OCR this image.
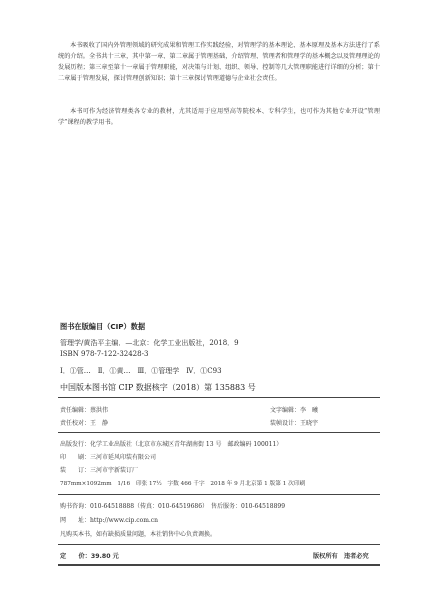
本书吸收了国内外管理领域的研究成果和管理工作实践经验，对管理学的基本理论、基本原理及基本方法进行了系统的介绍。全书共十三章，其中第一章、第二章属于管理基础，介绍管理、管理者和管理学的基本概念以及管理理论的发展历程；第三章至第十一章属于管理职能，对决策与计划、组织、领导、控制等几大管理职能进行详细的分析；第十二章属于管理发展，探讨管理创新知识；第十三章探讨管理道德与企业社会责任。
本书可作为经济管理类各专业的教材，尤其适用于应用型高等院校本、专科学生，也可作为其他专业开设“管理学”课程的教学用书。
图书在版编目（CIP）数据
管理学/黄浩平主编．—北京：化学工业出版社，2018．9
ISBN 978-7-122-32428-3
Ⅰ．①管…　Ⅱ．①黄…　Ⅲ．①管理学　Ⅳ．①C93
中国版本图书馆 CIP 数据核字（2018）第 135883 号
责任编辑：蔡洪伟	文字编辑：李　曦
责任校对：王　静	装帧设计：王晓宇
出版发行：化学工业出版社（北京市东城区青年湖南街 13 号　邮政编码 100011）
印　　刷：三河市延风印装有限公司
装　　订：三河市宇新装订厂
787mm×1092mm　1/16　印张 17½　字数 466 千字　2018 年 9 月北京第 1 版第 1 次印刷
购书咨询：010-64518888（传真：010-64519686）　售后服务：010-64518899
网　　址：http://www.cip.com.cn
凡购买本书，如有缺损质量问题，本社销售中心负责调换。
定　　价：39.80 元	版权所有　违者必究
